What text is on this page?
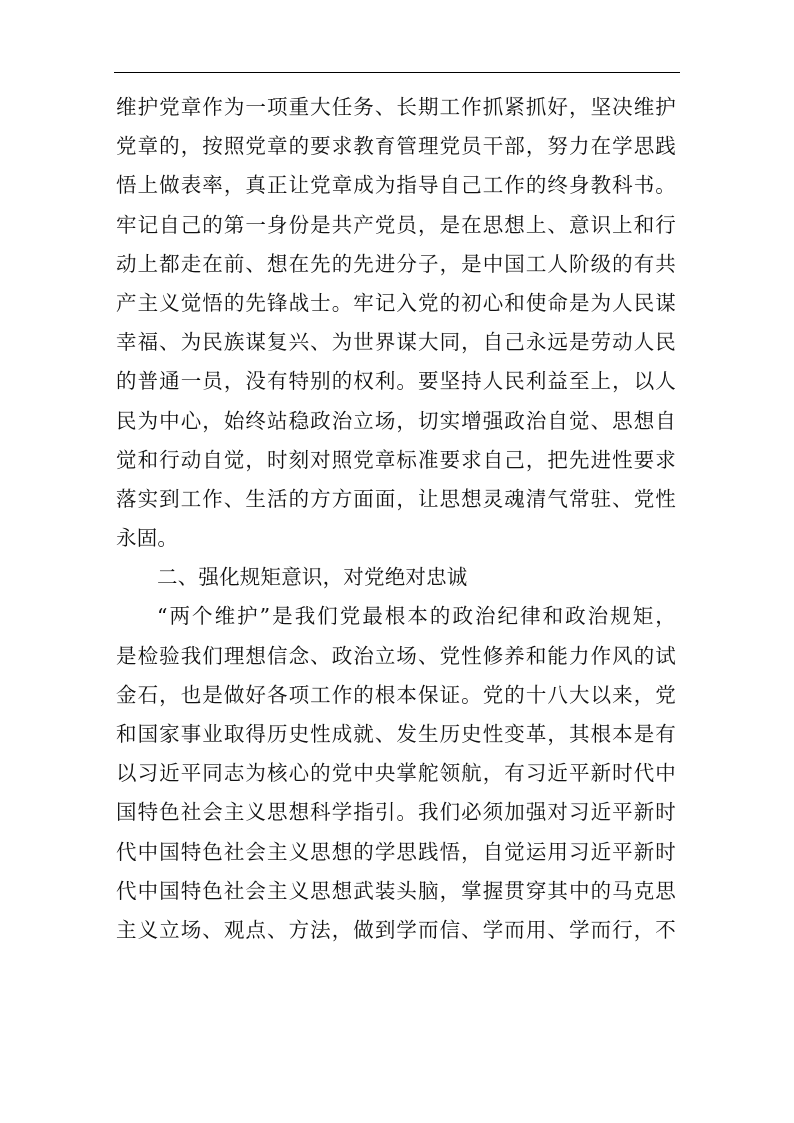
维护党章作为一项重大任务、长期工作抓紧抓好，坚决维护
党章的，按照党章的要求教育管理党员干部，努力在学思践
悟上做表率，真正让党章成为指导自己工作的终身教科书。
牢记自己的第一身份是共产党员，是在思想上、意识上和行
动上都走在前、想在先的先进分子，是中国工人阶级的有共
产主义觉悟的先锋战士。牢记入党的初心和使命是为人民谋
幸福、为民族谋复兴、为世界谋大同，自己永远是劳动人民
的普通一员，没有特别的权利。要坚持人民利益至上，以人
民为中心，始终站稳政治立场，切实增强政治自觉、思想自
觉和行动自觉，时刻对照党章标准要求自己，把先进性要求
落实到工作、生活的方方面面，让思想灵魂清气常驻、党性
永固。
二、强化规矩意识，对党绝对忠诚
“两个维护”是我们党最根本的政治纪律和政治规矩，
是检验我们理想信念、政治立场、党性修养和能力作风的试
金石，也是做好各项工作的根本保证。党的十八大以来，党
和国家事业取得历史性成就、发生历史性变革，其根本是有
以习近平同志为核心的党中央掌舵领航，有习近平新时代中
国特色社会主义思想科学指引。我们必须加强对习近平新时
代中国特色社会主义思想的学思践悟，自觉运用习近平新时
代中国特色社会主义思想武装头脑，掌握贯穿其中的马克思
主义立场、观点、方法，做到学而信、学而用、学而行，不
